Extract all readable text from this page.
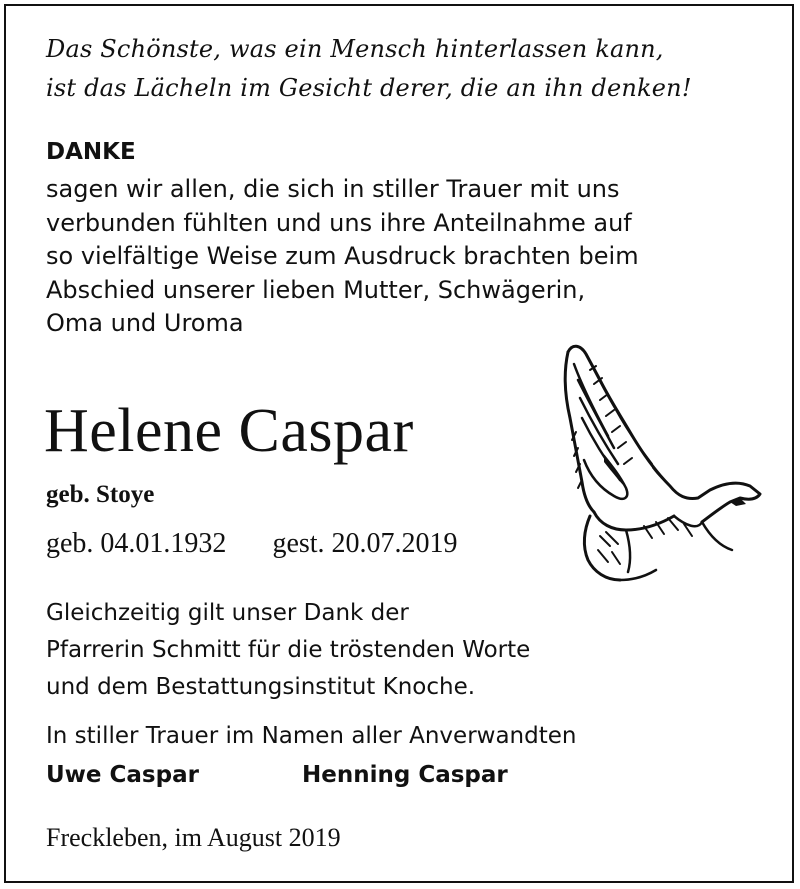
Das Schönste, was ein Mensch hinterlassen kann,
ist das Lächeln im Gesicht derer, die an ihn denken!
DANKE
sagen wir allen, die sich in stiller Trauer mit uns
verbunden fühlten und uns ihre Anteilnahme auf
so vielfältige Weise zum Ausdruck brachten beim
Abschied unserer lieben Mutter, Schwägerin,
Oma und Uroma
Helene Caspar
geb. Stoye
geb. 04.01.1932 gest. 20.07.2019
Gleichzeitig gilt unser Dank der
Pfarrerin Schmitt für die tröstenden Worte
und dem Bestattungsinstitut Knoche.
In stiller Trauer im Namen aller Anverwandten
Uwe Caspar	Henning Caspar
Freckleben, im August 2019
